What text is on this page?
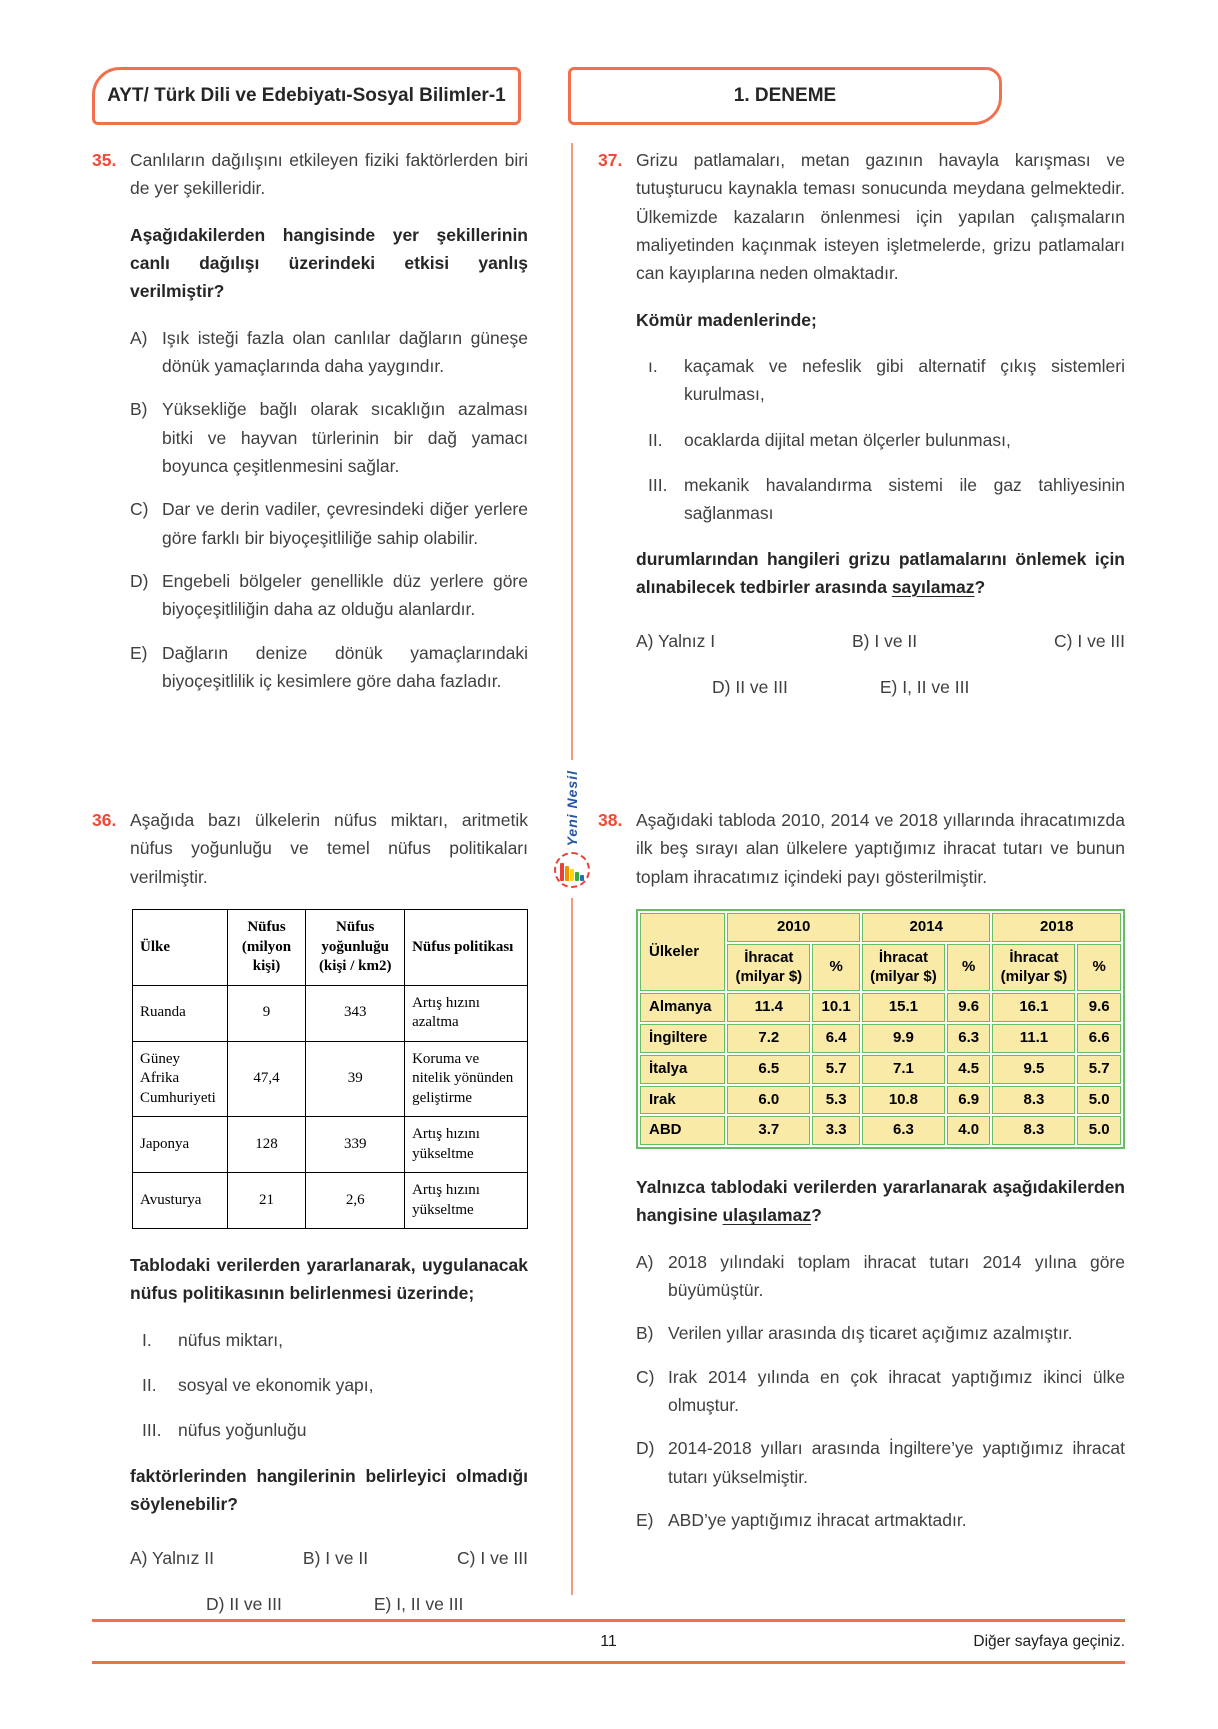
AYT/ Türk Dili ve Edebiyatı-Sosyal Bilimler-1	1. DENEME
Yeni Nesil
35. Canlıların dağılışını etkileyen fiziki faktörlerden biri de yer şekilleridir.

Aşağıdakilerden hangisinde yer şekillerinin canlı dağılışı üzerindeki etkisi yanlış verilmiştir?

A) Işık isteği fazla olan canlılar dağların güneşe dönük yamaçlarında daha yaygındır.
B) Yüksekliğe bağlı olarak sıcaklığın azalması bitki ve hayvan türlerinin bir dağ yamacı boyunca çeşitlenmesini sağlar.
C) Dar ve derin vadiler, çevresindeki diğer yerlere göre farklı bir biyoçeşitliliğe sahip olabilir.
D) Engebeli bölgeler genellikle düz yerlere göre biyoçeşitliliğin daha az olduğu alanlardır.
E) Dağların denize dönük yamaçlarındaki biyoçeşitlilik iç kesimlere göre daha fazladır.
37. Grizu patlamaları, metan gazının havayla karışması ve tutuşturucu kaynakla teması sonucunda meydana gelmektedir. Ülkemizde kazaların önlenmesi için yapılan çalışmaların maliyetinden kaçınmak isteyen işletmelerde, grizu patlamaları can kayıplarına neden olmaktadır.

Kömür madenlerinde;

ı.	kaçamak ve nefeslik gibi alternatif çıkış sistemleri kurulması,
II.	ocaklarda dijital metan ölçerler bulunması,
III. mekanik havalandırma sistemi ile gaz tahliyesinin sağlanması

durumlarından hangileri grizu patlamalarını önlemek için alınabilecek tedbirler arasında sayılamaz?

A) Yalnız I	B) I ve II	C) I ve III
D) II ve III	E) I, II ve III
36. Aşağıda bazı ülkelerin nüfus miktarı, aritmetik nüfus yoğunluğu ve temel nüfus politikaları verilmiştir.

Ülke	Nüfus (milyon kişi)	Nüfus yoğunluğu (kişi / km2)	Nüfus politikası
Ruanda	9	343	Artış hızını azaltma
Güney Afrika Cumhuriyeti	47,4	39	Koruma ve nitelik yönünden geliştirme
Japonya	128	339	Artış hızını yükseltme
Avusturya	21	2,6	Artış hızını yükseltme

Tablodaki verilerden yararlanarak, uygulanacak nüfus politikasının belirlenmesi üzerinde;

I.	nüfus miktarı,
II.	sosyal ve ekonomik yapı,
III. nüfus yoğunluğu

faktörlerinden hangilerinin belirleyici olmadığı söylenebilir?

A) Yalnız II	B) I ve II	C) I ve III
D) II ve III	E) I, II ve III
38. Aşağıdaki tabloda 2010, 2014 ve 2018 yıllarında ihracatımızda ilk beş sırayı alan ülkelere yaptığımız ihracat tutarı ve bunun toplam ihracatımız içindeki payı gösterilmiştir.

Ülkeler	2010		2014		2018	
	İhracat (milyar $)	%	İhracat (milyar $)	%	İhracat (milyar $)	%
Almanya	11.4	10.1	15.1	9.6	16.1	9.6
İngiltere	7.2	6.4	9.9	6.3	11.1	6.6
İtalya	6.5	5.7	7.1	4.5	9.5	5.7
Irak	6.0	5.3	10.8	6.9	8.3	5.0
ABD	3.7	3.3	6.3	4.0	8.3	5.0

Yalnızca tablodaki verilerden yararlanarak aşağıdakilerden hangisine ulaşılamaz?

A) 2018 yılındaki toplam ihracat tutarı 2014 yılına göre büyümüştür.
B) Verilen yıllar arasında dış ticaret açığımız azalmıştır.
C) Irak 2014 yılında en çok ihracat yaptığımız ikinci ülke olmuştur.
D) 2014-2018 yılları arasında İngiltere’ye yaptığımız ihracat tutarı yükselmiştir.
E) ABD’ye yaptığımız ihracat artmaktadır.
11	Diğer sayfaya geçiniz.
